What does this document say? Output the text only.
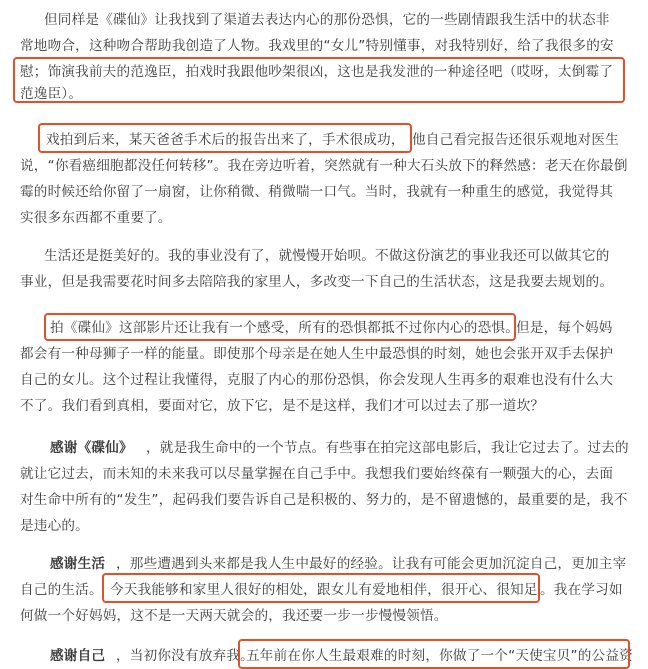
但同样是《碟仙》让我找到了渠道去表达内心的那份恐惧，它的一些剧情跟我生活中的状态非
常地吻合，这种吻合帮助我创造了人物。我戏里的“女儿”特别懂事，对我特别好，给了我很多的安
慰；饰演我前夫的范逸臣，拍戏时我跟他吵架很凶，这也是我发泄的一种途径吧（哎呀，太倒霉了
范逸臣）。
戏拍到后来，某天爸爸手术后的报告出来了，手术很成功， 他自己看完报告还很乐观地对医生
说，“你看癌细胞都没任何转移”。我在旁边听着，突然就有一种大石头放下的释然感：老天在你最倒
霉的时候还给你留了一扇窗，让你稍微、稍微喘一口气。当时，我就有一种重生的感觉，我觉得其
实很多东西都不重要了。
生活还是挺美好的。我的事业没有了，就慢慢开始呗。不做这份演艺的事业我还可以做其它的
事业，但是我需要花时间多去陪陪我的家里人，多改变一下自己的生活状态，这是我要去规划的。
拍《碟仙》这部影片还让我有一个感受，所有的恐惧都抵不过你内心的恐惧。
但是，每个妈妈
都会有一种母狮子一样的能量。即使那个母亲是在她人生中最恐惧的时刻，她也会张开双手去保护
自己的女儿。这个过程让我懂得，克服了内心的那份恐惧，你会发现人生再多的艰难也没有什么大
不了。我们看到真相，要面对它，放下它，是不是这样，我们才可以过去了那一道坎？
感谢《碟仙》 ，就是我生命中的一个节点。有些事在拍完这部电影后，我让它过去了。过去的
就让它过去，而未知的未来我可以尽量掌握在自己手中。我想我们要始终葆有一颗强大的心，去面
对生命中所有的“发生”，起码我们要告诉自己是积极的、努力的，是不留遗憾的，最重要的是，我不
是违心的。
感谢生活 ，那些遭遇到头来都是我人生中最好的经验。让我有可能会更加沉淀自己，更加主宰
自己的生活。 今天我能够和家里人很好的相处，跟女儿有爱地相伴，很开心、很知足 。我在学习如
何做一个好妈妈，这不是一天两天就会的，我还要一步一步慢慢领悟。
感谢自己 ，当初你没有放弃我。
五年前在你人生最艰难的时刻，你做了一个“天使宝贝”的公益资
